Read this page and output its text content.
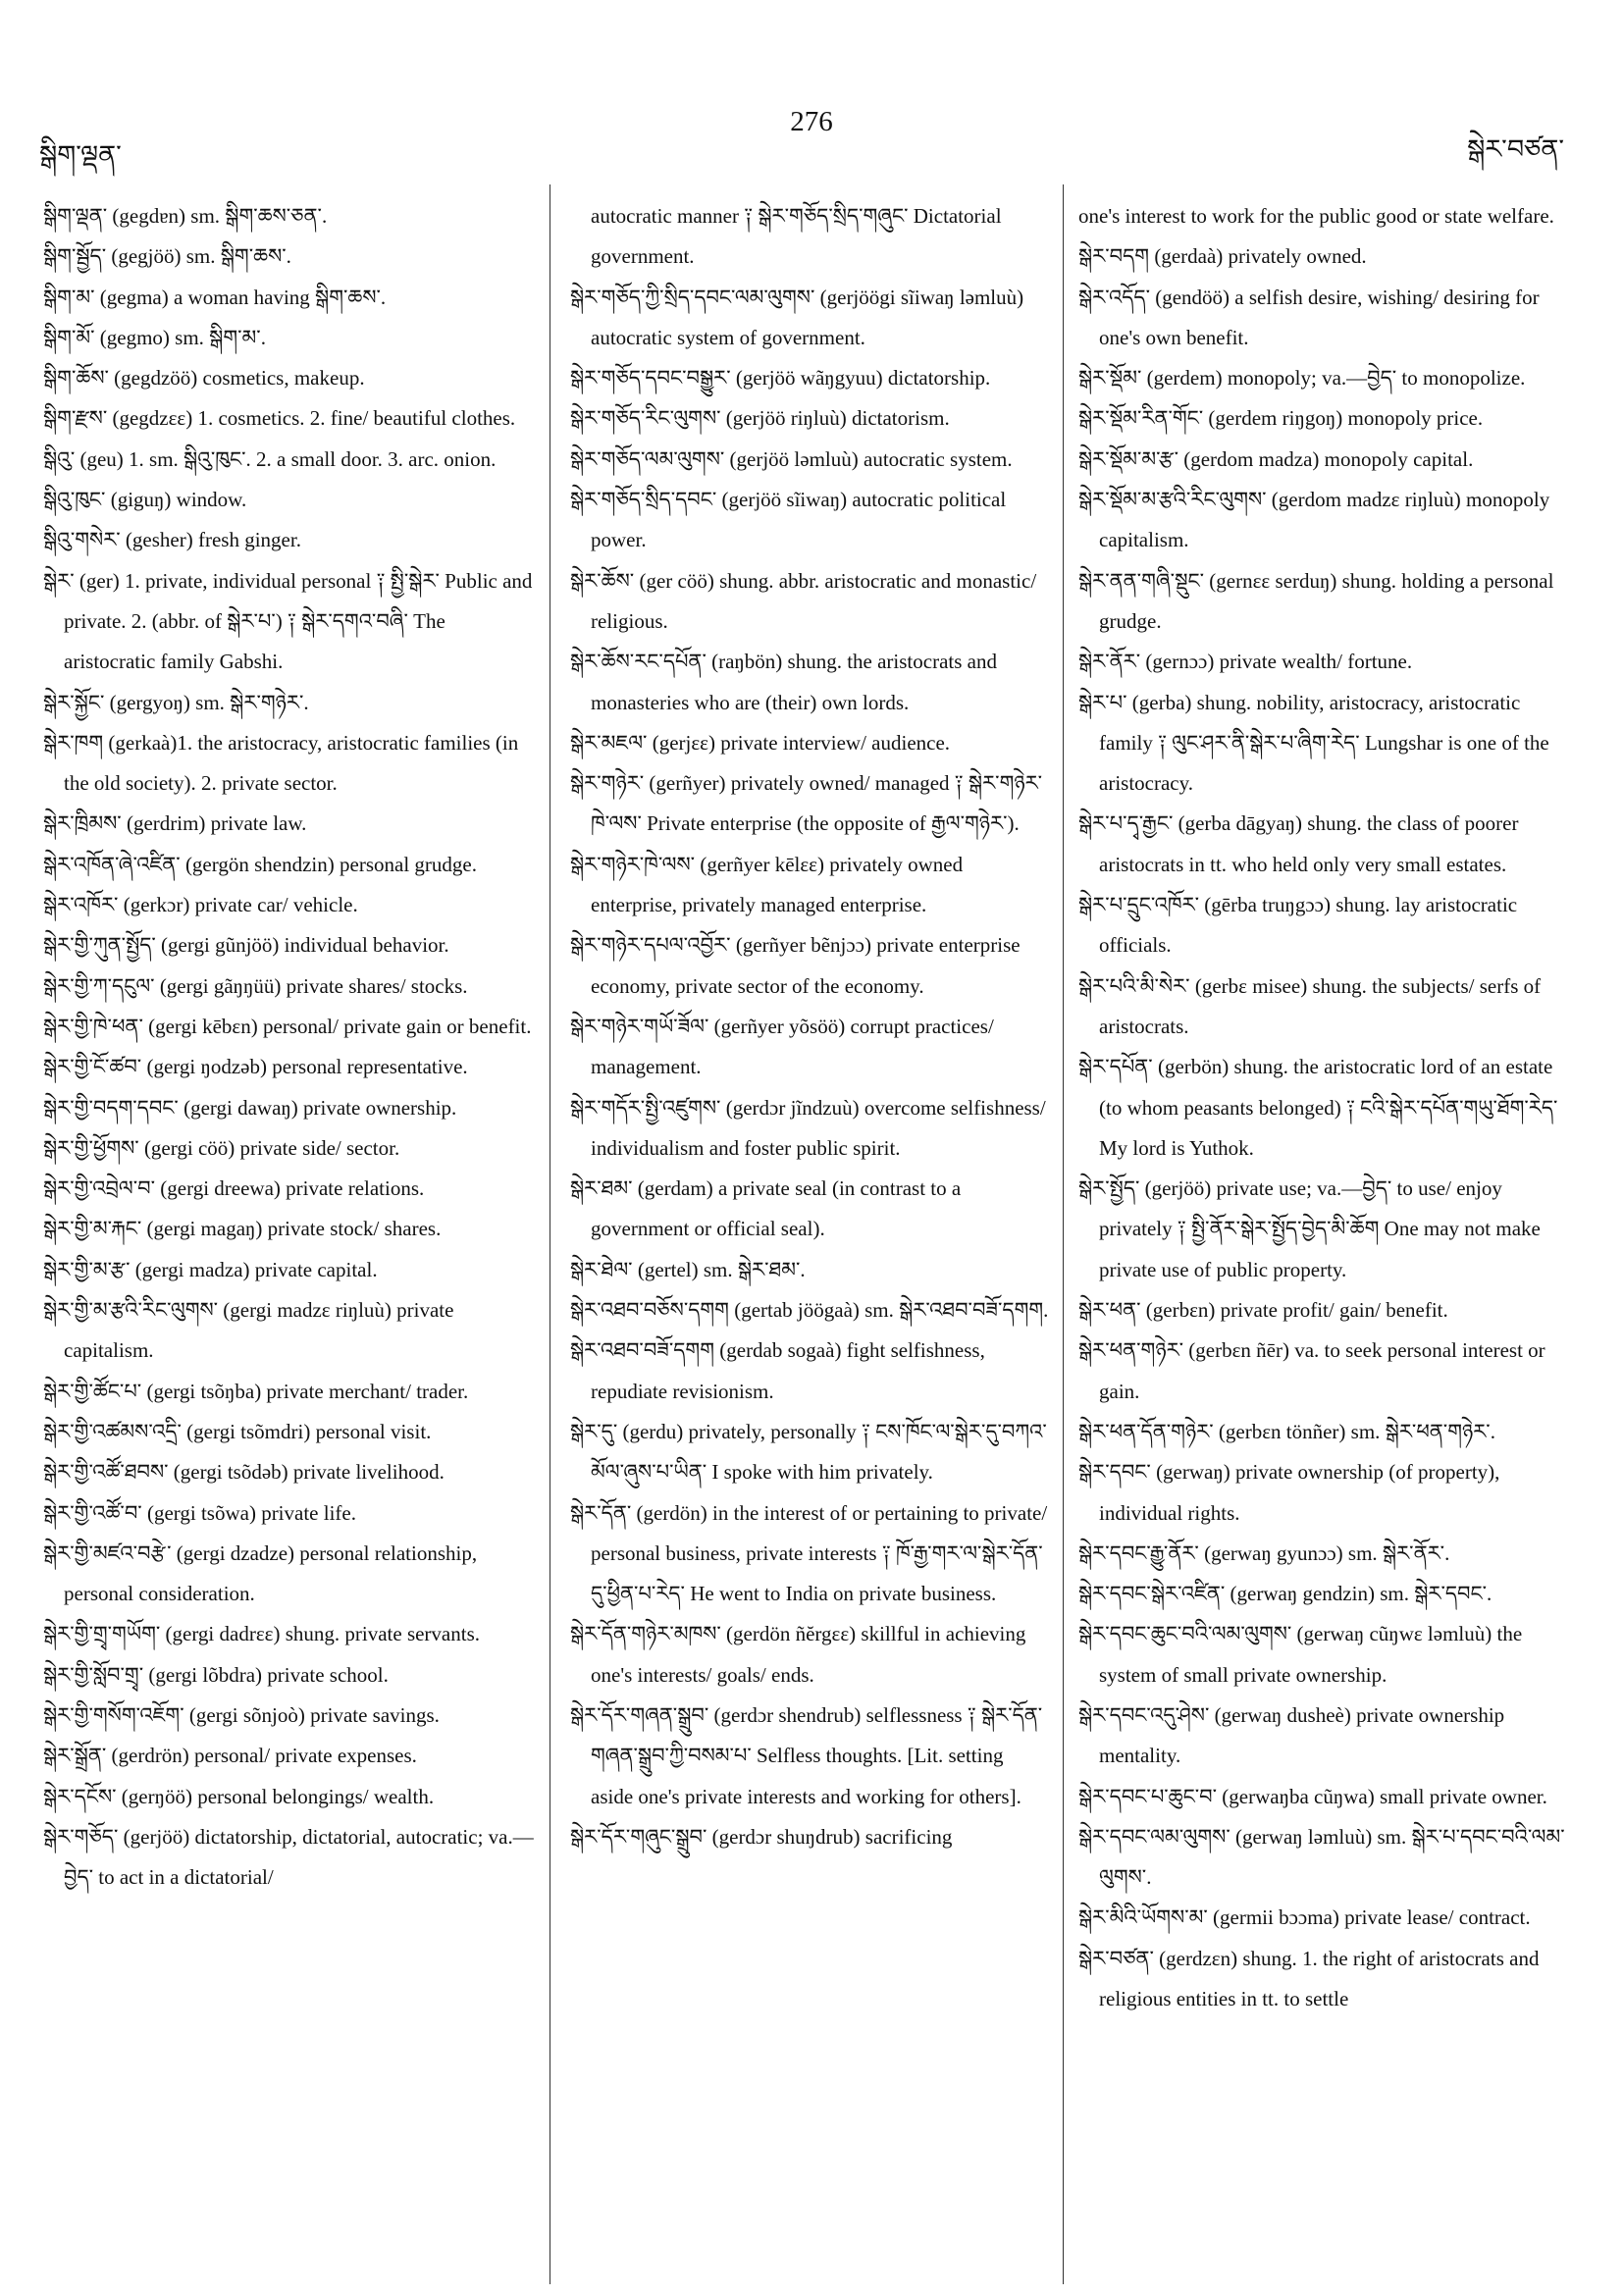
སྒིག་ལྡན་
276
སྒེར་བཙན་

སྒིག་ལྡན་ (gegdɐn) sm. སྒིག་ཆས་ཅན་.

སྒིག་སྦྱོད་ (gegjöö) sm. སྒིག་ཆས་.

སྒིག་མ་ (gegma) a woman having སྒིག་ཆས་.

སྒིག་མོ་ (gegmo) sm. སྒིག་མ་.

སྒིག་ཆོས་ (gegdzöö) cosmetics, makeup.

སྒིག་རྫས་ (gegdzɛɛ) 1. cosmetics. 2. fine/ beautiful clothes.

སྒིའུ་ (geu) 1. sm. སྒིའུ་ཁུང་. 2. a small door. 3. arc. onion.

སྒིའུ་ཁུང་ (giguŋ) window.

སྒིའུ་གསེར་ (gesher) fresh ginger.

སྒེར་ (ger) 1. private, individual personal ༑ སྤྱི་སྒེར་ Public and private. 2. (abbr. of སྒེར་པ་) ༑ སྒེར་དགའ་བཞི་ The aristocratic family Gabshi.

སྒེར་སྐྱོང་ (gergyoŋ) sm. སྒེར་གཉེར་.

སྒེར་ཁག (gerkaà)1. the aristocracy, aristocratic families (in the old society). 2. private sector.

སྒེར་ཁྲིམས་ (gerdrim) private law.

སྒེར་འཁོན་ཞེ་འཛིན་ (gergön shendzin) personal grudge.

སྒེར་འཁོར་ (gerkɔr) private car/ vehicle.

སྒེར་གྱི་ཀུན་སྤྱོད་ (gergi gũnjöö) individual behavior.

སྒེར་གྱི་ཀ་དངུལ་ (gergi gãŋŋüü) private shares/ stocks.

སྒེར་གྱི་ཁེ་ཕན་ (gergi kēbɛn) personal/ private gain or benefit.

སྒེར་གྱི་ངོ་ཚབ་ (gergi ŋodzəb) personal representative.

སྒེར་གྱི་བདག་དབང་ (gergi dawaŋ) private ownership.

སྒེར་གྱི་ཕྱོགས་ (gergi cöö) private side/ sector.

སྒེར་གྱི་འབྲེལ་བ་ (gergi dreewa) private relations.

སྒེར་གྱི་མ་རྐང་ (gergi magaŋ) private stock/ shares.

སྒེར་གྱི་མ་རྩ་ (gergi madza) private capital.

སྒེར་གྱི་མ་རྩའི་རིང་ལུགས་ (gergi madzɛ riŋluù) private capitalism.

སྒེར་གྱི་ཚོང་པ་ (gergi tsõŋba) private merchant/ trader.

སྒེར་གྱི་འཚམས་འདྲི་ (gergi tsõmdri) personal visit.

སྒེར་གྱི་འཚོ་ཐབས་ (gergi tsõdəb) private livelihood.

སྒེར་གྱི་འཚོ་བ་ (gergi tsõwa) private life.

སྒེར་གྱི་མཛའ་བརྩེ་ (gergi dzadze) personal relationship, personal consideration.

སྒེར་གྱི་གྲྭ་གཡོག་ (gergi dadrɛɛ) shung. private servants.

སྒེར་གྱི་སློབ་གྲྭ་ (gergi lõbdra) private school.

སྒེར་གྱི་གསོག་འཇོག་ (gergi sõnjoò) private savings.

སྒེར་སྒྲོན་ (gerdrön) personal/ private expenses.

སྒེར་དངོས་ (gerŋöö) personal belongings/ wealth.

སྒེར་གཅོད་ (gerjöö) dictatorship, dictatorial, autocratic; va.—བྱེད་ to act in a dictatorial/

autocratic manner ༑ སྒེར་གཅོད་སྲིད་གཞུང་ Dictatorial government.

སྒེར་གཅོད་ཀྱི་སྲིད་དབང་ལམ་ལུགས་ (gerjöögi sĩiwaŋ ləmluù) autocratic system of government.

སྒེར་གཅོད་དབང་བསྒྱུར་ (gerjöö wãŋgyuu) dictatorship.

སྒེར་གཅོད་རིང་ལུགས་ (gerjöö riŋluù) dictatorism.

སྒེར་གཅོད་ལམ་ལུགས་ (gerjöö ləmluù) autocratic system.

སྒེར་གཅོད་སྲིད་དབང་ (gerjöö sĩiwaŋ) autocratic political power.

སྒེར་ཆོས་ (ger cöö) shung. abbr. aristocratic and monastic/ religious.

སྒེར་ཆོས་རང་དཔོན་ (raŋbön) shung. the aristocrats and monasteries who are (their) own lords.

སྒེར་མཇལ་ (gerjɛɛ) private interview/ audience.

སྒེར་གཉེར་ (gerñyer) privately owned/ managed ༑ སྒེར་གཉེར་ཁེ་ལས་ Private enterprise (the opposite of རྒྱལ་གཉེར་).

སྒེར་གཉེར་ཁེ་ལས་ (gerñyer kēlɛɛ) privately owned enterprise, privately managed enterprise.

སྒེར་གཉེར་དཔལ་འབྱོར་ (gerñyer bẽnjɔɔ) private enterprise economy, private sector of the economy.

སྒེར་གཉེར་གཡོ་ཟོལ་ (gerñyer yõsöö) corrupt practices/ management.

སྒེར་གདོར་སྤྱི་འཛུགས་ (gerdɔr jĩndzuù) overcome selfishness/ individualism and foster public spirit.

སྒེར་ཐམ་ (gerdam) a private seal (in contrast to a government or official seal).

སྒེར་ཐེལ་ (gertel) sm. སྒེར་ཐམ་.

སྒེར་འཐབ་བཅོས་དགག (gertab jöögaà) sm. སྒེར་འཐབ་བཟོ་དགག.

སྒེར་འཐབ་བཟོ་དགག (gerdab sogaà) fight selfishness, repudiate revisionism.

སྒེར་དུ་ (gerdu) privately, personally ༑ ངས་ཁོང་ལ་སྒེར་དུ་བཀའ་མོལ་ཞུས་པ་ཡིན་ I spoke with him privately.

སྒེར་དོན་ (gerdön) in the interest of or pertaining to private/ personal business, private interests ༑ ཁོ་རྒྱ་གར་ལ་སྒེར་དོན་དུ་ཕྱིན་པ་རེད་ He went to India on private business.

སྒེར་དོན་གཉེར་མཁས་ (gerdön ñĕrgɛɛ) skillful in achieving one's interests/ goals/ ends.

སྒེར་དོར་གཞན་སྒྲུབ་ (gerdɔr shendrub) selflessness ༑ སྒེར་དོན་གཞན་སྒྲུབ་ཀྱི་བསམ་པ་ Selfless thoughts. [Lit. setting aside one's private interests and working for others].

སྒེར་དོར་གཞུང་སྒྲུབ་ (gerdɔr shuŋdrub) sacrificing

one's interest to work for the public good or state welfare.

སྒེར་བདག (gerdaà) privately owned.

སྒེར་འདོད་ (gendöö) a selfish desire, wishing/ desiring for one's own benefit.

སྒེར་སྡོམ་ (gerdem) monopoly; va.—བྱེད་ to monopolize.

སྒེར་སྡོམ་རིན་གོང་ (gerdem riŋgoŋ) monopoly price.

སྒེར་སྡོམ་མ་རྩ་ (gerdom madza) monopoly capital.

སྒེར་སྡོམ་མ་རྩའི་རིང་ལུགས་ (gerdom madzɛ riŋluù) monopoly capitalism.

སྒེར་ནན་གཞི་སྡུང་ (gernɛɛ serduŋ) shung. holding a personal grudge.

སྒེར་ནོར་ (gernɔɔ) private wealth/ fortune.

སྒེར་པ་ (gerba) shung. nobility, aristocracy, aristocratic family ༑ ལུང་ཤར་ནི་སྒེར་པ་ཞིག་རེད་ Lungshar is one of the aristocracy.

སྒེར་པ་དྭ་རྒྱང་ (gerba dāgyaŋ) shung. the class of poorer aristocrats in tt. who held only very small estates.

སྒེར་པ་དྲུང་འཁོར་ (gērba truŋgɔɔ) shung. lay aristocratic officials.

སྒེར་པའི་མི་སེར་ (gerbɛ misee) shung. the subjects/ serfs of aristocrats.

སྒེར་དཔོན་ (gerbön) shung. the aristocratic lord of an estate (to whom peasants belonged) ༑ ངའི་སྒེར་དཔོན་གཡུ་ཐོག་རེད་ My lord is Yuthok.

སྒེར་སྤྱོད་ (gerjöö) private use; va.—བྱེད་ to use/ enjoy privately ༑ སྤྱི་ནོར་སྒེར་སྤྱོད་བྱེད་མི་ཆོག One may not make private use of public property.

སྒེར་ཕན་ (gerbɛn) private profit/ gain/ benefit.

སྒེར་ཕན་གཉེར་ (gerbɛn ñēr) va. to seek personal interest or gain.

སྒེར་ཕན་དོན་གཉེར་ (gerbɛn tönñer) sm. སྒེར་ཕན་གཉེར་.

སྒེར་དབང་ (gerwaŋ) private ownership (of property), individual rights.

སྒེར་དབང་རྒྱུ་ནོར་ (gerwaŋ gyunɔɔ) sm. སྒེར་ནོར་.

སྒེར་དབང་སྒེར་འཛིན་ (gerwaŋ gendzin) sm. སྒེར་དབང་.

སྒེར་དབང་ཆུང་བའི་ལམ་ལུགས་ (gerwaŋ cũŋwɛ ləmluù) the system of small private ownership.

སྒེར་དབང་འདུ་ཤེས་ (gerwaŋ dusheè) private ownership mentality.

སྒེར་དབང་པ་ཆུང་བ་ (gerwaŋba cũŋwa) small private owner.

སྒེར་དབང་ལམ་ལུགས་ (gerwaŋ ləmluù) sm. སྒེར་པ་དབང་བའི་ལམ་ལུགས་.

སྒེར་མིའི་ཡོགས་མ་ (germii bɔɔma) private lease/ contract.

སྒེར་བཙན་ (gerdzɛn) shung. 1. the right of aristocrats and religious entities in tt. to settle
